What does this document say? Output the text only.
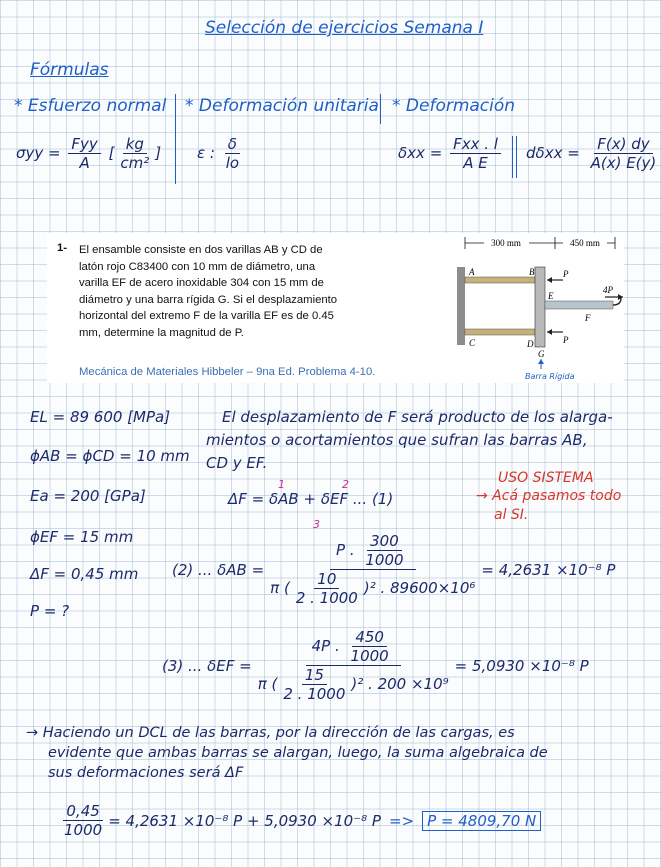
Selección de ejercicios Semana I
Fórmulas
* Esfuerzo normal * Deformación unitaria * Deformación
$\sigma yy = \frac{\text{Fyy}}{A}$ [ $\frac{kg}{\text{cm²}}$ ] ε : $\frac{\delta}{lo}$	$\delta xx = \frac{\text{Fxx . l}}{\text{A E}}$ $d\delta xx = \frac{F(x) dy}{A(x) E(y)}$
1- El ensamble consiste en dos varillas AB y CD de latón rojo C83400 con 10 mm de diámetro, una varilla EF de acero inoxidable 304 con 15 mm de diámetro y una barra rígida G. Si el desplazamiento horizontal del extremo F de la varilla EF es de 0.45 mm, determine la magnitud de P.
Mecánica de Materiales Hibbeler – 9na Ed. Problema 4-10.
300 mm	450 mm
A	B	P
E
4P
F
C	D
G
P
Barra Rígida
EL = 89 600 [MPa]
ϕAB = ϕCD = 10 mm
Ea = 200 [GPa]
ϕEF = 15 mm
ΔF = 0,45 mm
P = ?
El desplazamiento de F será producto de los alarga-
mientos o acortamientos que sufran las barras AB,
CD y EF.
ΔF = δAB + δEF ... (1)
1	2	USO SISTEMA
→ Acá pasamos todo
al SI.
3
(2) ... $\delta AB = \frac{P . \frac{300}{1000}}{\pi ( \frac{10}{2 . 1000} )^2 . 89600\times 10^6} = 4,2631 \times 10^{-8}$ P
(3) ... $\delta EF = \frac{4P . \frac{450}{1000}}{\pi ( \frac{15}{2 . 1000} )^2 . 200 \times 10^9} = 5,0930 \times 10^{-8}$ P
→ Haciendo un DCL de las barras, por la dirección de las cargas, es
evidente que ambas barras se alargan, luego, la suma algebraica de
sus deformaciones será ΔF
$\frac{0,45}{1000} = 4,2631 \times 10^{-8}$ P + 5,0930 ×10⁻⁸ P => P = 4809,70 N
